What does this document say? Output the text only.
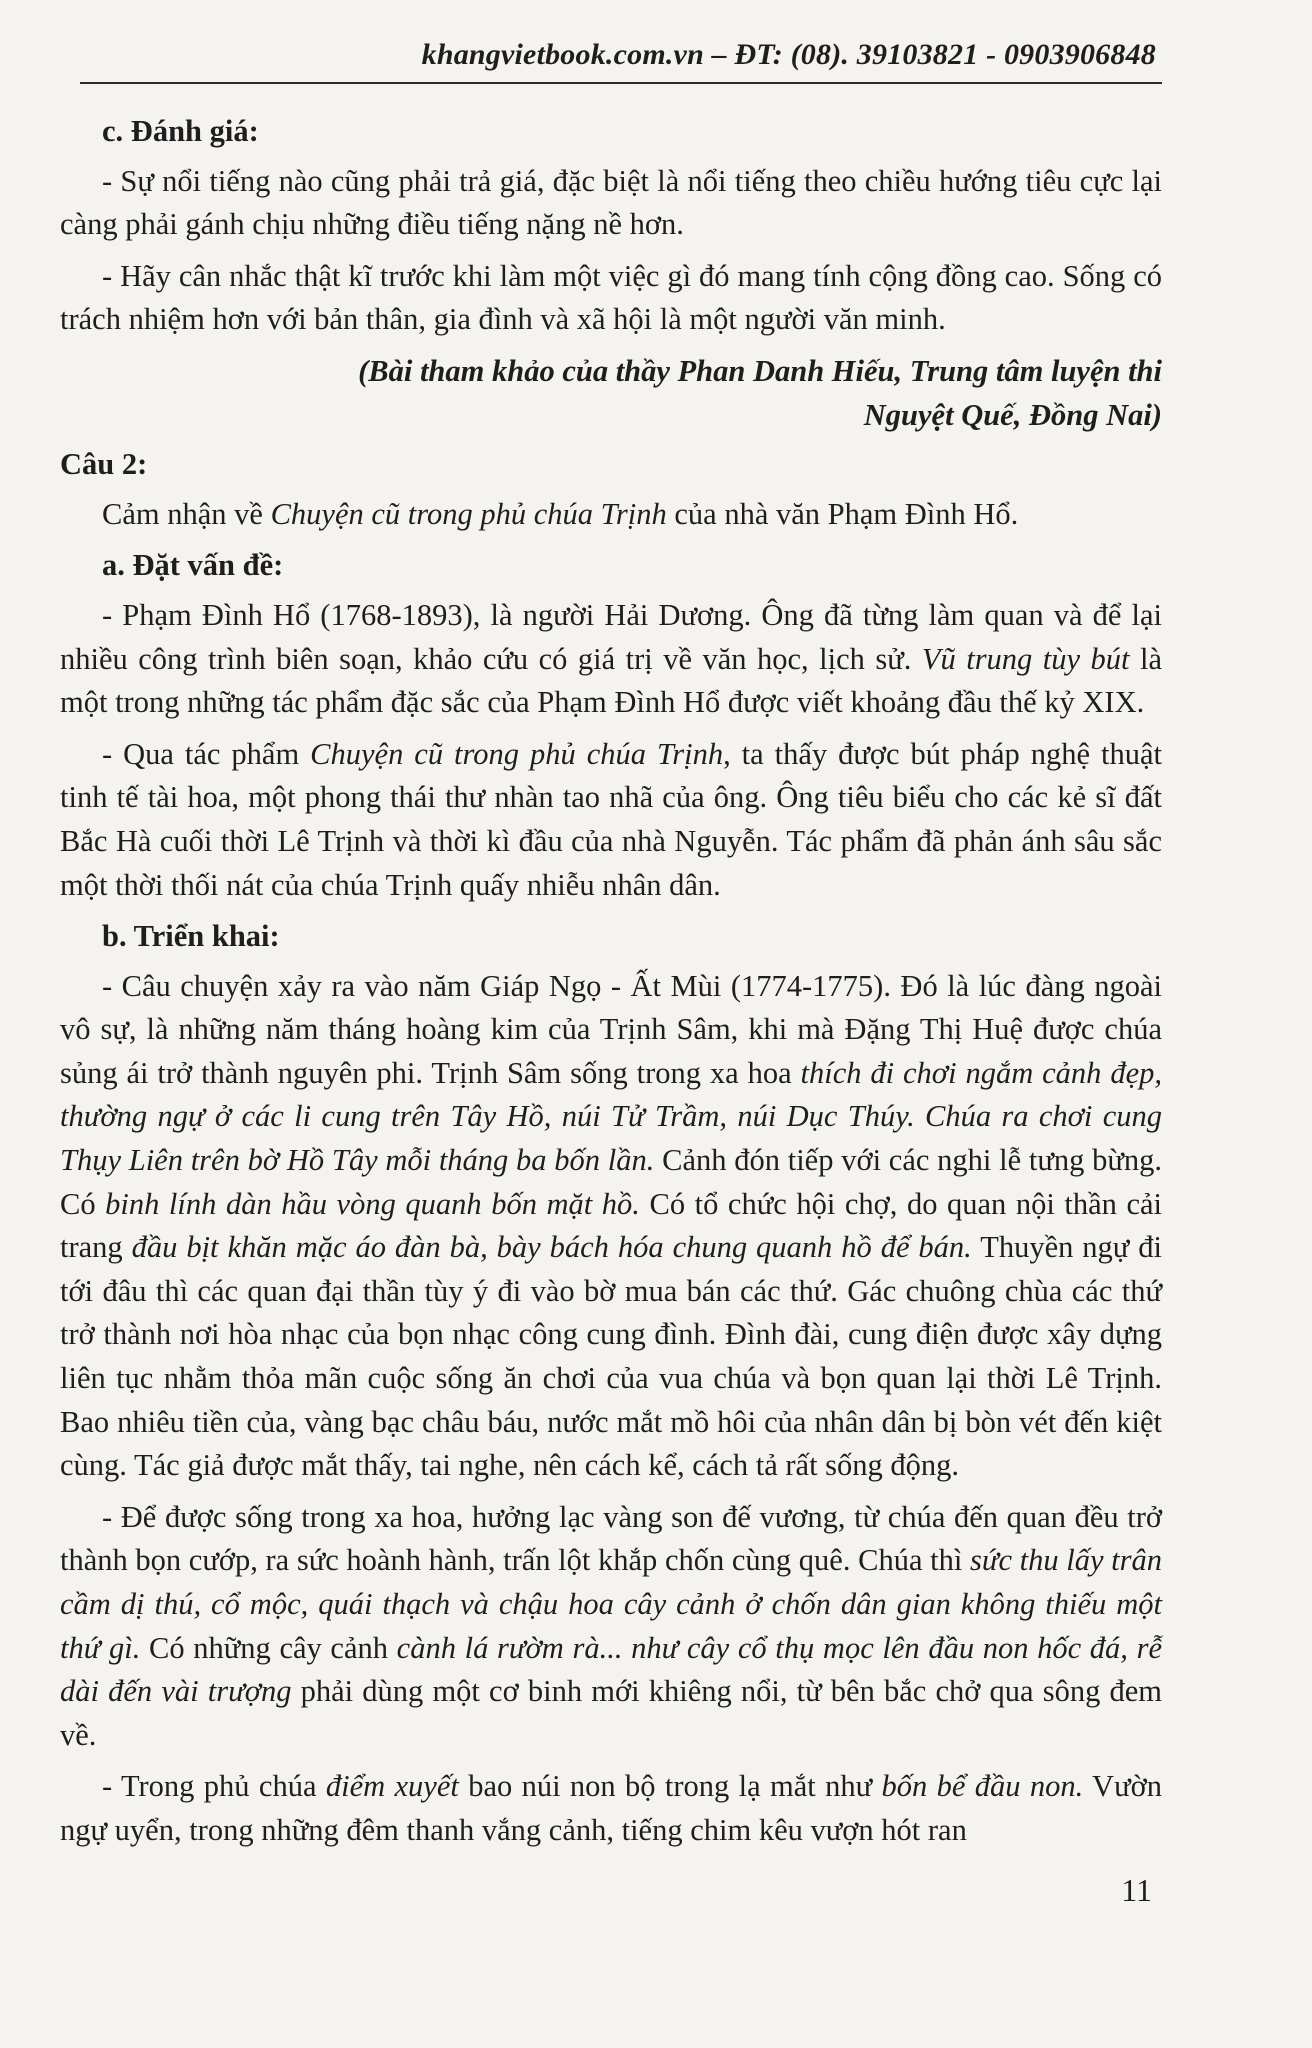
khangvietbook.com.vn – ĐT: (08). 39103821 - 0903906848
c. Đánh giá:

- Sự nổi tiếng nào cũng phải trả giá, đặc biệt là nổi tiếng theo chiều hướng tiêu cực lại càng phải gánh chịu những điều tiếng nặng nề hơn.

- Hãy cân nhắc thật kĩ trước khi làm một việc gì đó mang tính cộng đồng cao. Sống có trách nhiệm hơn với bản thân, gia đình và xã hội là một người văn minh.

(Bài tham khảo của thầy Phan Danh Hiếu, Trung tâm luyện thi
Nguyệt Quế, Đồng Nai)
Câu 2:

Cảm nhận về Chuyện cũ trong phủ chúa Trịnh của nhà văn Phạm Đình Hổ.

a. Đặt vấn đề:

- Phạm Đình Hổ (1768-1893), là người Hải Dương. Ông đã từng làm quan và để lại nhiều công trình biên soạn, khảo cứu có giá trị về văn học, lịch sử. Vũ trung tùy bút là một trong những tác phẩm đặc sắc của Phạm Đình Hổ được viết khoảng đầu thế kỷ XIX.

- Qua tác phẩm Chuyện cũ trong phủ chúa Trịnh, ta thấy được bút pháp nghệ thuật tinh tế tài hoa, một phong thái thư nhàn tao nhã của ông. Ông tiêu biểu cho các kẻ sĩ đất Bắc Hà cuối thời Lê Trịnh và thời kì đầu của nhà Nguyễn. Tác phẩm đã phản ánh sâu sắc một thời thối nát của chúa Trịnh quấy nhiễu nhân dân.

b. Triển khai:

- Câu chuyện xảy ra vào năm Giáp Ngọ - Ất Mùi (1774-1775). Đó là lúc đàng ngoài vô sự, là những năm tháng hoàng kim của Trịnh Sâm, khi mà Đặng Thị Huệ được chúa sủng ái trở thành nguyên phi. Trịnh Sâm sống trong xa hoa thích đi chơi ngắm cảnh đẹp, thường ngự ở các li cung trên Tây Hồ, núi Tử Trầm, núi Dục Thúy. Chúa ra chơi cung Thụy Liên trên bờ Hồ Tây mỗi tháng ba bốn lần. Cảnh đón tiếp với các nghi lễ tưng bừng. Có binh lính dàn hầu vòng quanh bốn mặt hồ. Có tổ chức hội chợ, do quan nội thần cải trang đầu bịt khăn mặc áo đàn bà, bày bách hóa chung quanh hồ để bán. Thuyền ngự đi tới đâu thì các quan đại thần tùy ý đi vào bờ mua bán các thứ. Gác chuông chùa các thứ trở thành nơi hòa nhạc của bọn nhạc công cung đình. Đình đài, cung điện được xây dựng liên tục nhằm thỏa mãn cuộc sống ăn chơi của vua chúa và bọn quan lại thời Lê Trịnh. Bao nhiêu tiền của, vàng bạc châu báu, nước mắt mồ hôi của nhân dân bị bòn vét đến kiệt cùng. Tác giả được mắt thấy, tai nghe, nên cách kể, cách tả rất sống động.

- Để được sống trong xa hoa, hưởng lạc vàng son đế vương, từ chúa đến quan đều trở thành bọn cướp, ra sức hoành hành, trấn lột khắp chốn cùng quê. Chúa thì sức thu lấy trân cầm dị thú, cổ mộc, quái thạch và chậu hoa cây cảnh ở chốn dân gian không thiếu một thứ gì. Có những cây cảnh cành lá rườm rà... như cây cổ thụ mọc lên đầu non hốc đá, rễ dài đến vài trượng phải dùng một cơ binh mới khiêng nổi, từ bên bắc chở qua sông đem về.

- Trong phủ chúa điểm xuyết bao núi non bộ trong lạ mắt như bốn bể đầu non. Vườn ngự uyển, trong những đêm thanh vắng cảnh, tiếng chim kêu vượn hót ran

11
